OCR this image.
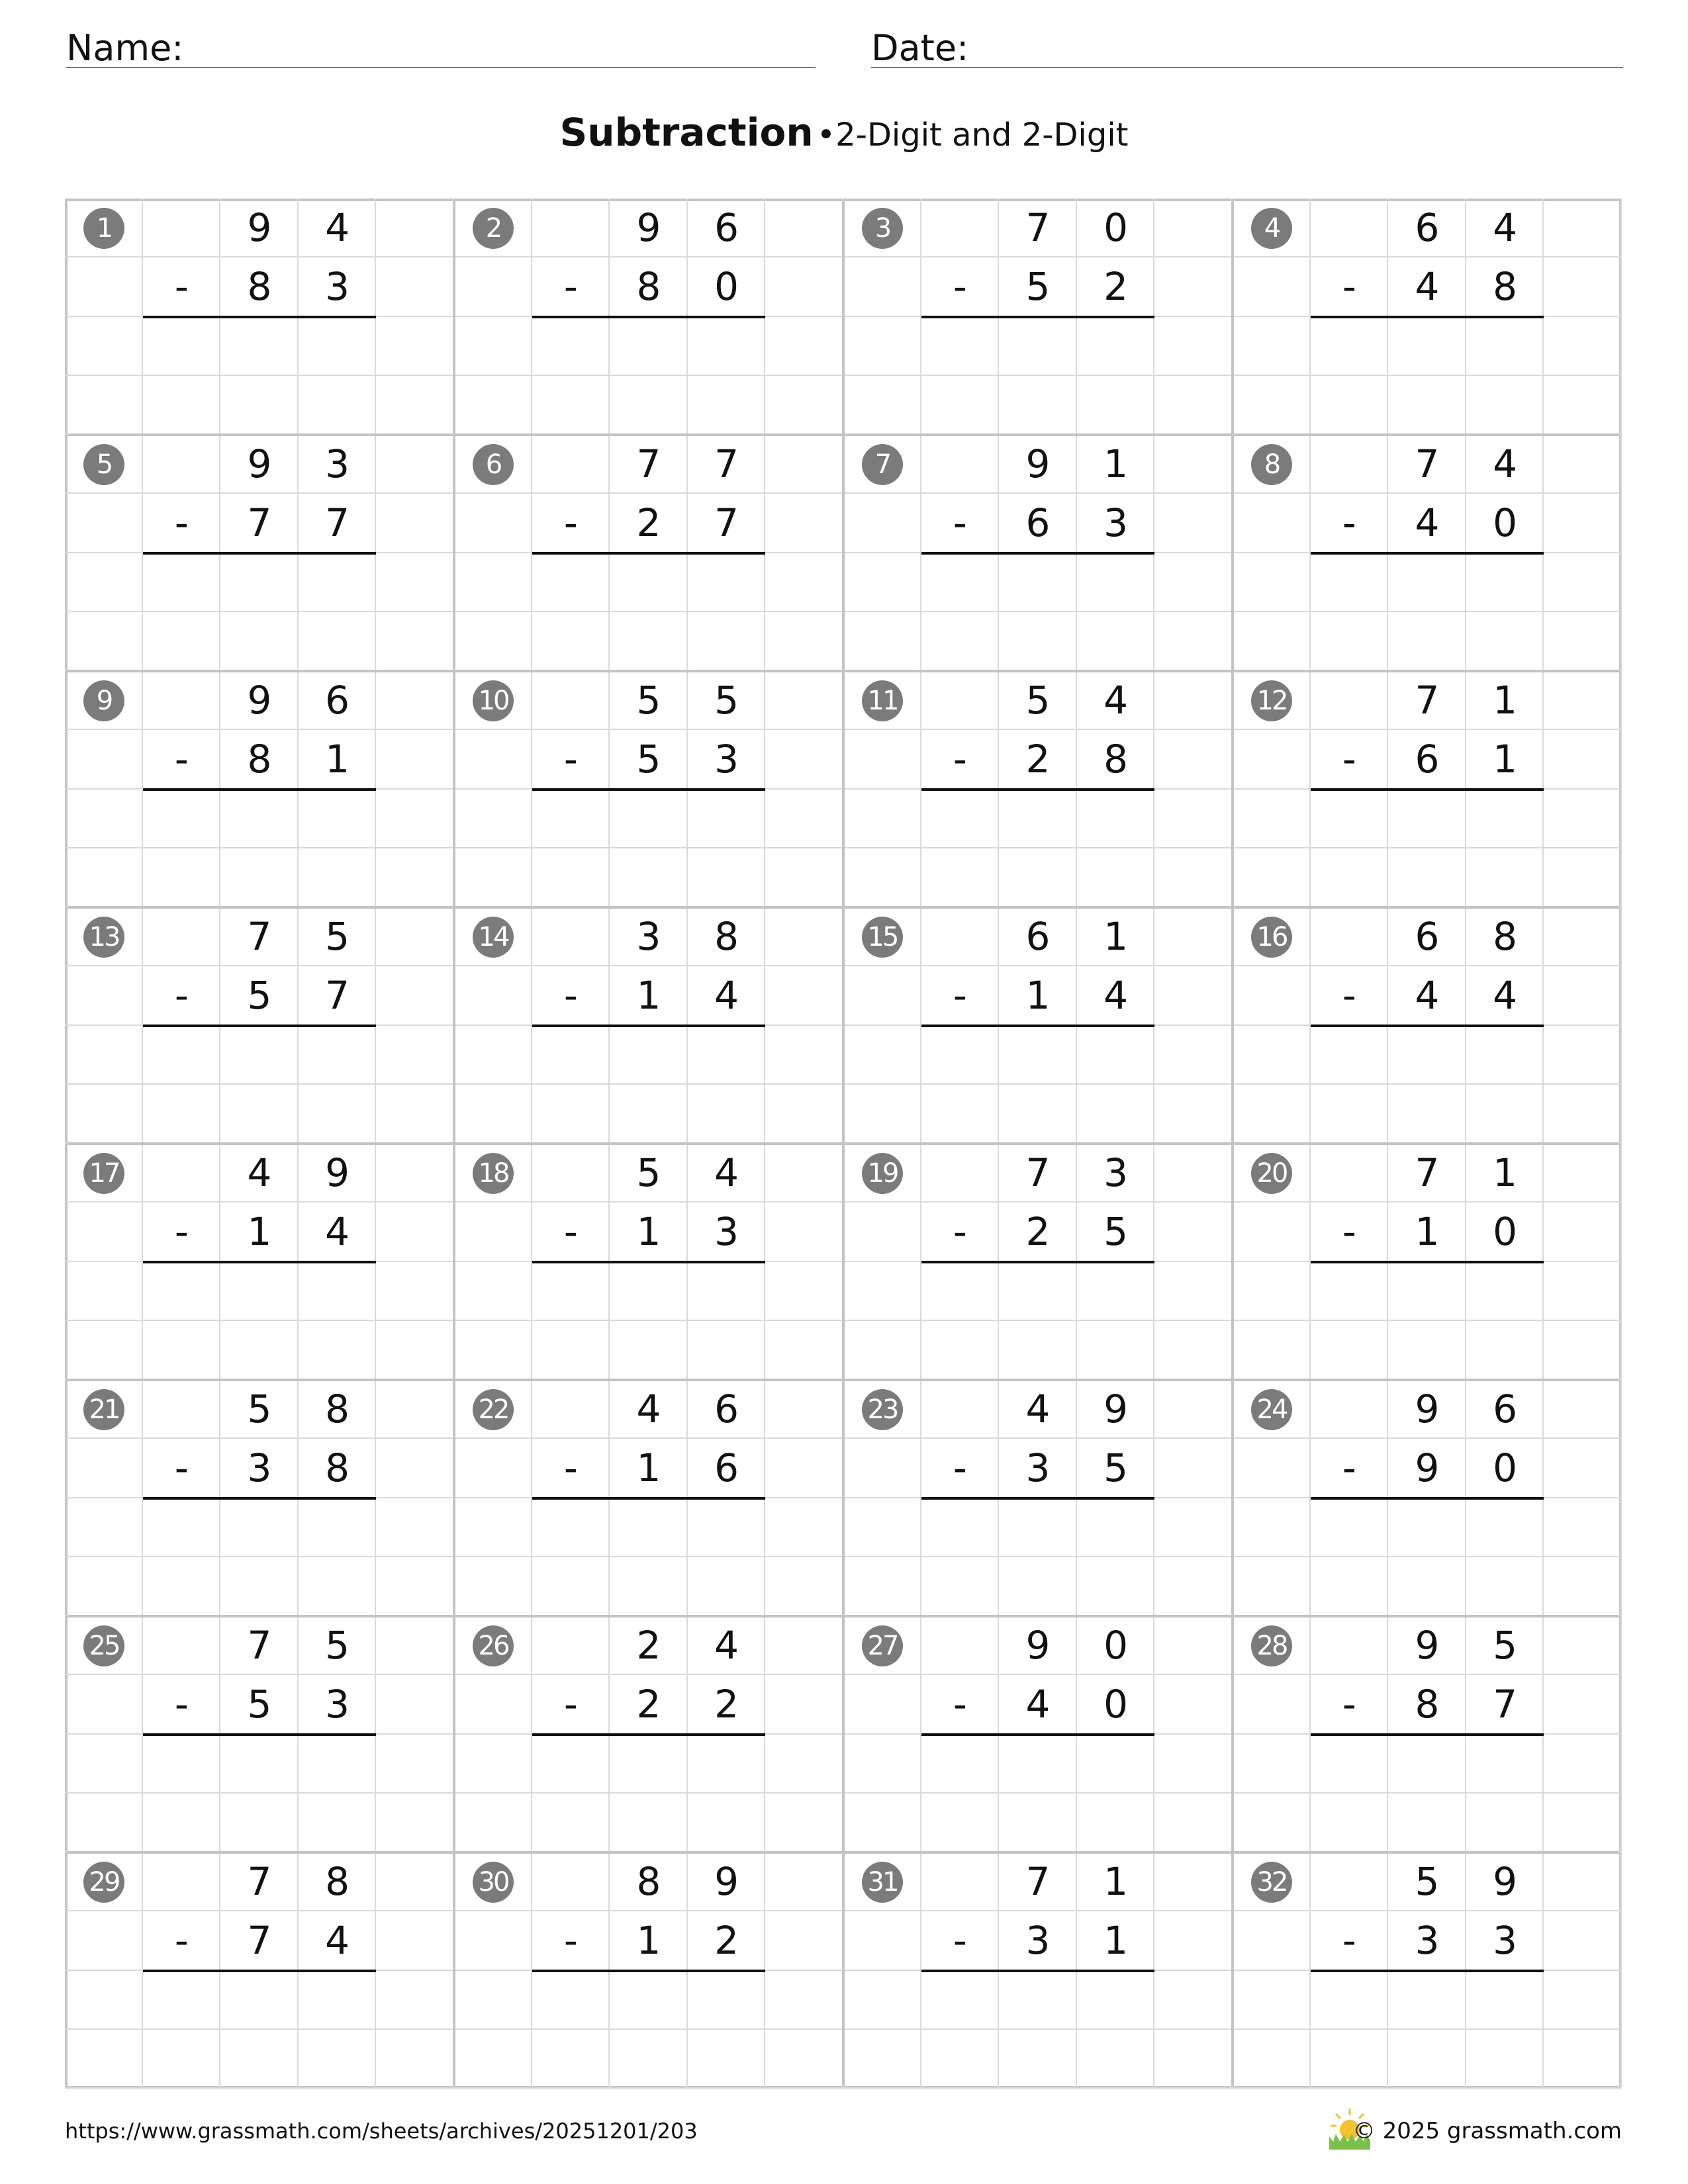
Name:	Date:
Subtraction •2-Digit and 2-Digit
1	9	4
-	8	3
2	9	6
-	8	0
3	7	0
-	5	2
4	6	4
-	4	8
5	9	3
-	7	7
6	7	7
-	2	7
7	9	1
-	6	3
8	7	4
-	4	0
9	9	6
-	8	1
10	5	5
-	5	3
11	5	4
-	2	8
12	7	1
-	6	1
13	7	5
-	5	7
14	3	8
-	1	4
15	6	1
-	1	4
16	6	8
-	4	4
17	4	9
-	1	4
18	5	4
-	1	3
19	7	3
-	2	5
20	7	1
-	1	0
21	5	8
-	3	8
22	4	6
-	1	6
23	4	9
-	3	5
24	9	6
-	9	0
25	7	5
-	5	3
26	2	4
-	2	2
27	9	0
-	4	0
28	9	5
-	8	7
29	7	8
-	7	4
30	8	9
-	1	2
31	7	1
-	3	1
32	5	9
-	3	3
https://www.grassmath.com/sheets/archives/20251201/203	© 2025 grassmath.com
